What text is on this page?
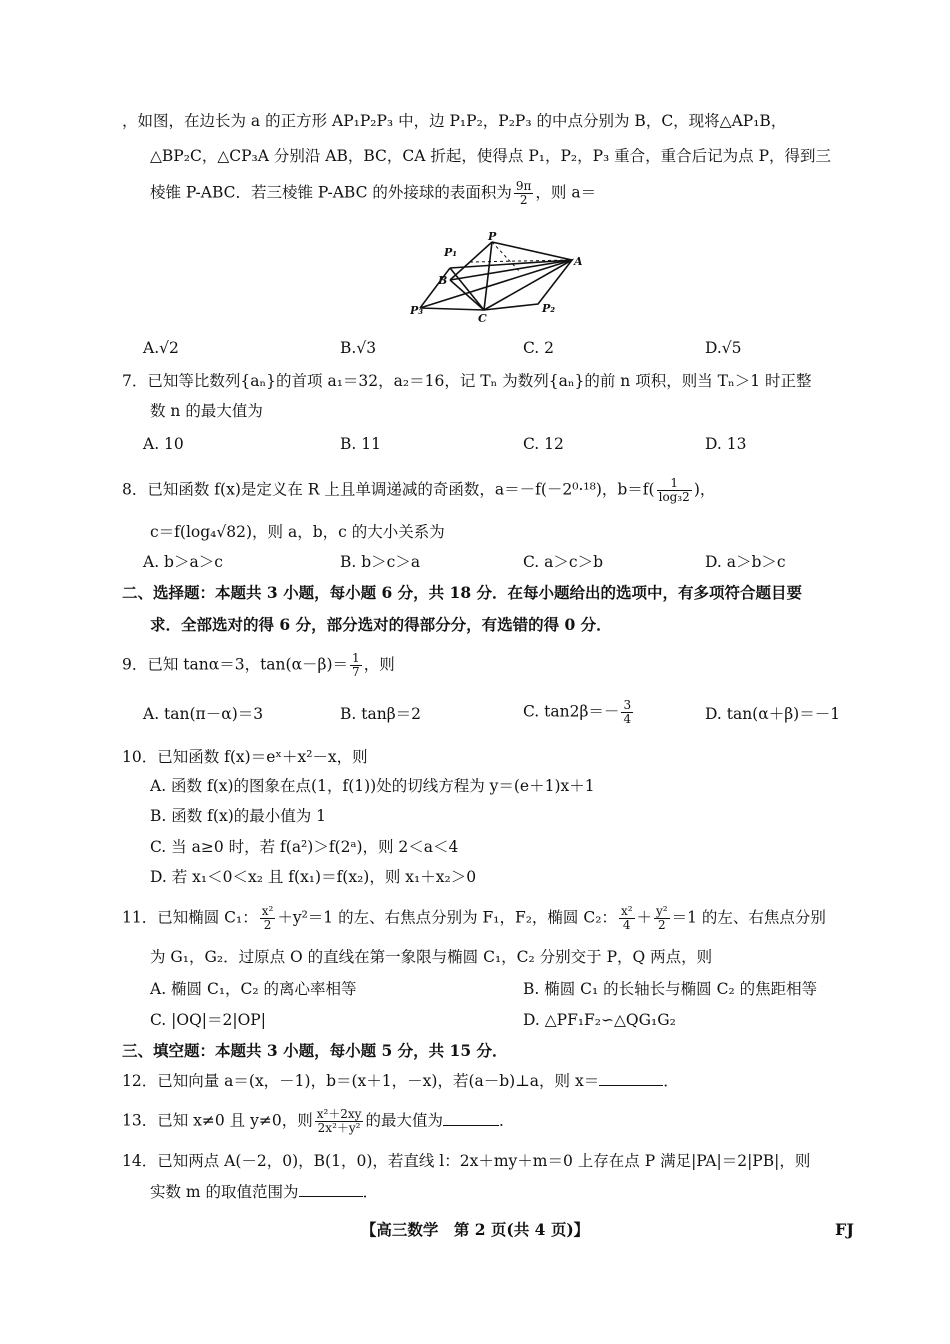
，如图，在边长为 a 的正方形 AP₁P₂P₃ 中，边 P₁P₂，P₂P₃ 的中点分别为 B，C，现将△AP₁B，
△BP₂C，△CP₃A 分别沿 AB，BC，CA 折起，使得点 P₁，P₂，P₃ 重合，重合后记为点 P，得到三
棱锥 P-ABC．若三棱锥 P-ABC 的外接球的表面积为 $\frac{9\pi}{2}$ ，则 a＝
P
P₁
A
B
P₂
C
P₃
A.√2	B.√3	C. 2	D.√5
7．已知等比数列{aₙ}的首项 a₁＝32，a₂＝16，记 Tₙ 为数列{aₙ}的前 n 项积，则当 Tₙ＞1 时正整
数 n 的最大值为
A. 10	B. 11	C. 12	D. 13
8．已知函数 f(x)是定义在 R 上且单调递减的奇函数，a＝－f(－2⁰·¹⁸)，$b=f( \frac{1}{\text{log₃2}}$ )，
c＝f(log₄√82)，则 a，b，c 的大小关系为
A. b＞a＞c	B. b＞c＞a	C. a＞c＞b	D. a＞b＞c
二、选择题：本题共 3 小题，每小题 6 分，共 18 分．在每小题给出的选项中，有多项符合题目要
求．全部选对的得 6 分，部分选对的得部分分，有选错的得 0 分．
9．已知 tanα＝3，$\tan(\alpha-\beta)= \frac{1}{7}$ ，则
A. tan(π－α)＝3	B. tanβ＝2	C. $\tan 2\beta=- \frac{3}{4}$	D. tan(α＋β)＝－1
10．已知函数 f(x)＝eˣ＋x²－x，则
A. 函数 f(x)的图象在点(1，f(1))处的切线方程为 y＝(e＋1)x＋1
B. 函数 f(x)的最小值为 1
C. 当 a≥0 时，若 f(a²)＞f(2ᵃ)，则 2＜a＜4
D. 若 x₁＜0＜x₂ 且 f(x₁)＝f(x₂)，则 x₁＋x₂＞0
11．已知椭圆 C₁： $\frac{\text{x²}}{2} +y^2=1$ 的左、右焦点分别为 F₁，F₂，椭圆 C₂： $\frac{\text{x²}}{4} + \frac{\text{y²}}{2} =1$ 的左、右焦点分别
为 G₁，G₂．过原点 O 的直线在第一象限与椭圆 C₁，C₂ 分别交于 P，Q 两点，则
A. 椭圆 C₁，C₂ 的离心率相等	B. 椭圆 C₁ 的长轴长与椭圆 C₂ 的焦距相等
C. |OQ|＝2|OP|	D. △PF₁F₂∽△QG₁G₂
三、填空题：本题共 3 小题，每小题 5 分，共 15 分．
12．已知向量 a＝(x，－1)，b＝(x＋1，－x)，若(a－b)⊥a，则 x＝	．
13．已知 x≠0 且 y≠0，则 $\frac{\text{x²＋2xy}}{\text{2x²＋y²}}$ 的最大值为	．
14．已知两点 A(－2，0)，B(1，0)，若直线 l：2x＋my＋m＝0 上存在点 P 满足|PA|＝2|PB|，则
实数 m 的取值范围为	．
【高三数学　第 2 页(共 4 页)】	FJ
